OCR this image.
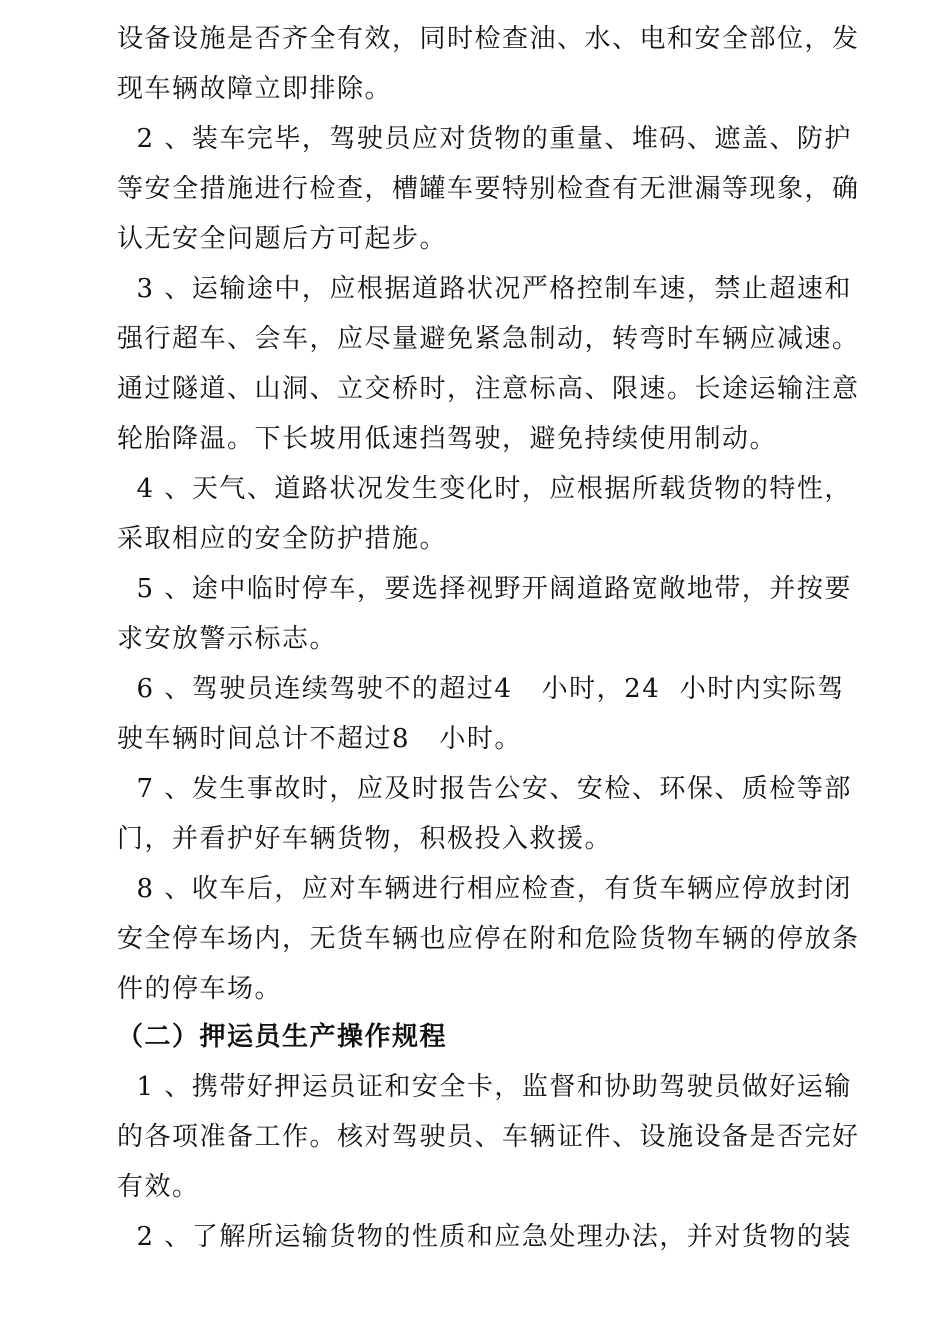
设备设施是否齐全有效，同时检查油、水、电和安全部位，发
现车辆故障立即排除。
2 、装车完毕，驾驶员应对货物的重量、堆码、遮盖、防护
等安全措施进行检查，槽罐车要特别检查有无泄漏等现象，确
认无安全问题后方可起步。
3 、运输途中，应根据道路状况严格控制车速，禁止超速和
强行超车、会车，应尽量避免紧急制动，转弯时车辆应减速。
通过隧道、山洞、立交桥时，注意标高、限速。长途运输注意
轮胎降温。下长坡用低速挡驾驶，避免持续使用制动。
4 、天气、道路状况发生变化时，应根据所载货物的特性，
采取相应的安全防护措施。
5 、途中临时停车，要选择视野开阔道路宽敞地带，并按要
求安放警示标志。
6 、驾驶员连续驾驶不的超过4   小时，24  小时内实际驾
驶车辆时间总计不超过8   小时。
7 、发生事故时，应及时报告公安、安检、环保、质检等部
门，并看护好车辆货物，积极投入救援。
8 、收车后，应对车辆进行相应检查，有货车辆应停放封闭
安全停车场内，无货车辆也应停在附和危险货物车辆的停放条
件的停车场。
（二）押运员生产操作规程
1 、携带好押运员证和安全卡，监督和协助驾驶员做好运输
的各项准备工作。核对驾驶员、车辆证件、设施设备是否完好
有效。
2 、了解所运输货物的性质和应急处理办法，并对货物的装
